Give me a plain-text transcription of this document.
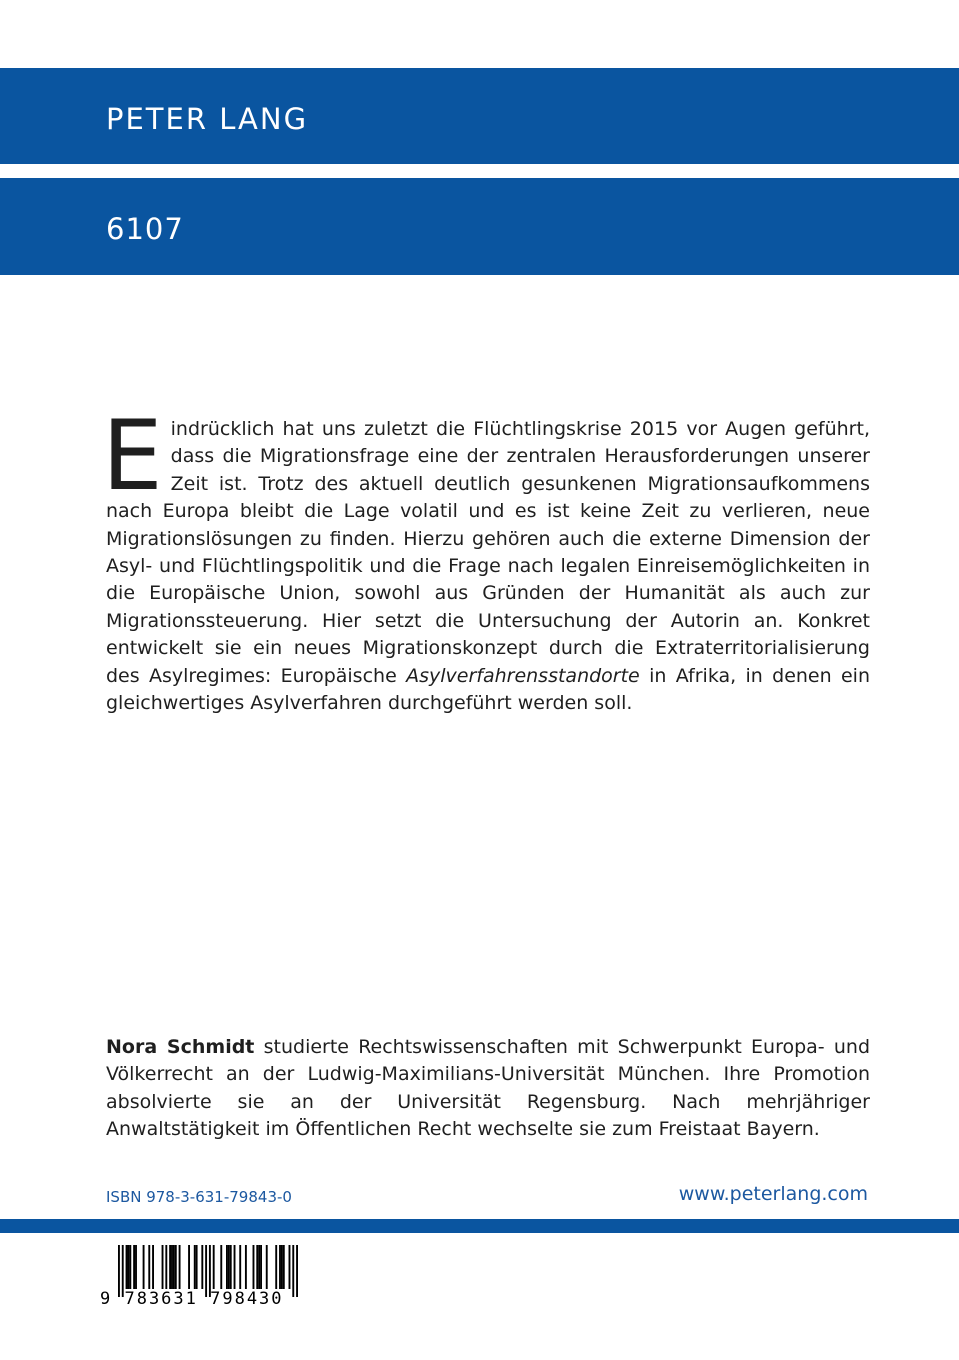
PETER LANG
6107
Eindrücklich hat uns zuletzt die Flüchtlingskrise 2015 vor Augen geführt, dass die Migrationsfrage eine der zentralen Herausforderungen unserer Zeit ist. Trotz des aktuell deutlich gesunkenen Migrationsaufkommens nach Europa bleibt die Lage volatil und es ist keine Zeit zu verlieren, neue Migrationslösungen zu finden. Hierzu gehören auch die externe Dimension der Asyl- und Flüchtlingspolitik und die Frage nach legalen Einreisemöglichkeiten in die Europäische Union, sowohl aus Gründen der Humanität als auch zur Migrationssteuerung. Hier setzt die Untersuchung der Autorin an. Konkret entwickelt sie ein neues Migrationskonzept durch die Extraterritorialisierung des Asylregimes: Europäische Asylverfahrensstandorte in Afrika, in denen ein gleichwertiges Asylverfahren durchgeführt werden soll.
Nora Schmidt studierte Rechtswissenschaften mit Schwerpunkt Europa- und Völkerrecht an der Ludwig-Maximilians-Universität München. Ihre Promotion absolvierte sie an der Universität Regensburg. Nach mehrjähriger Anwaltstätigkeit im Öffentlichen Recht wechselte sie zum Freistaat Bayern.
ISBN 978-3-631-79843-0	www.peterlang.com
9 783631 798430
